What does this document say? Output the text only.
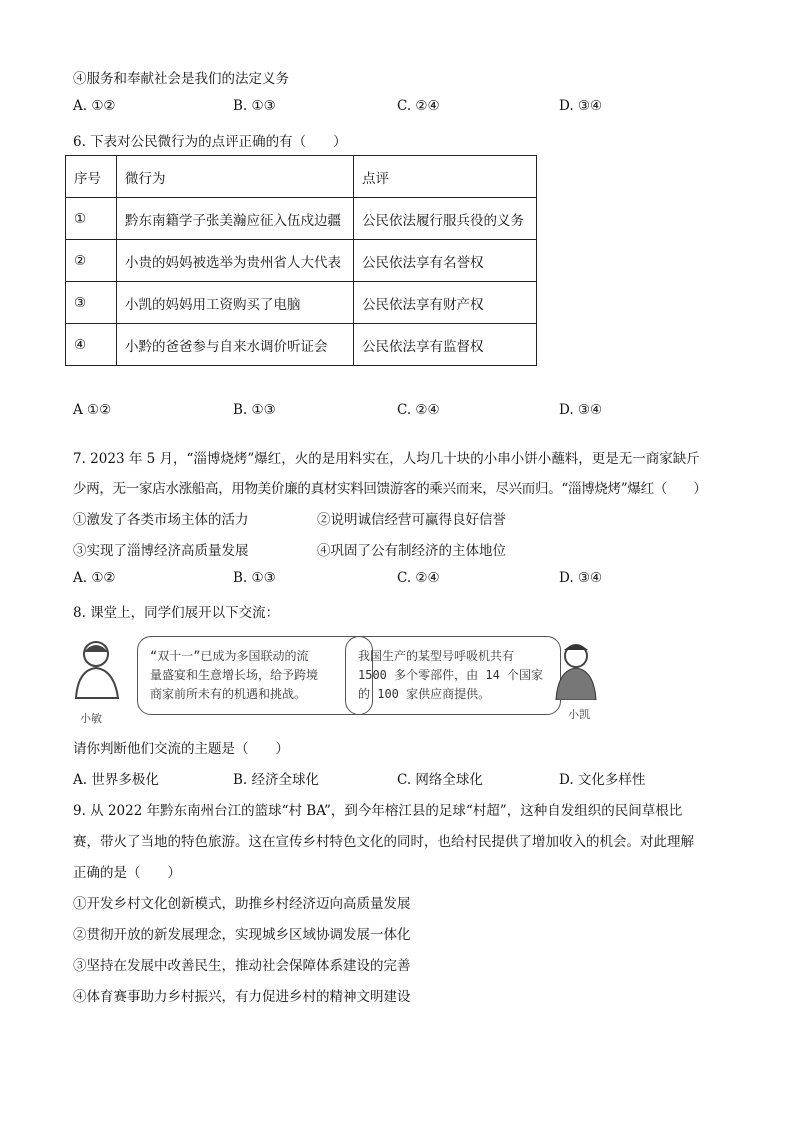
④服务和奉献社会是我们的法定义务
A. ①②	B. ①③	C. ②④	D. ③④
6. 下表对公民微行为的点评正确的有（　　）
序号	微行为	点评
①	黔东南籍学子张美瀚应征入伍戍边疆	公民依法履行服兵役的义务
②	小贵的妈妈被选举为贵州省人大代表	公民依法享有名誉权
③	小凯的妈妈用工资购买了电脑	公民依法享有财产权
④	小黔的爸爸参与自来水调价听证会	公民依法享有监督权
A ①②	B. ①③	C. ②④	D. ③④
7. 2023 年 5 月，“淄博烧烤”爆红，火的是用料实在，人均几十块的小串小饼小蘸料，更是无一商家缺斤
少两，无一家店水涨船高，用物美价廉的真材实料回馈游客的乘兴而来，尽兴而归。“淄博烧烤”爆红（　　）
①激发了各类市场主体的活力	②说明诚信经营可赢得良好信誉
③实现了淄博经济高质量发展	④巩固了公有制经济的主体地位
A. ①②	B. ①③	C. ②④	D. ③④
8. 课堂上，同学们展开以下交流：
小敏
“双十一”已成为多国联动的流
量盛宴和生意增长场，给予跨境
商家前所未有的机遇和挑战。
我国生产的某型号呼吸机共有
1500 多个零部件，由 14 个国家
的 100 家供应商提供。
小凯
请你判断他们交流的主题是（　　）
A. 世界多极化	B. 经济全球化	C. 网络全球化	D. 文化多样性
9. 从 2022 年黔东南州台江的篮球“村 BA”，到今年榕江县的足球“村超”，这种自发组织的民间草根比
赛，带火了当地的特色旅游。这在宣传乡村特色文化的同时，也给村民提供了增加收入的机会。对此理解
正确的是（　　）
①开发乡村文化创新模式，助推乡村经济迈向高质量发展
②贯彻开放的新发展理念，实现城乡区域协调发展一体化
③坚持在发展中改善民生，推动社会保障体系建设的完善
④体育赛事助力乡村振兴，有力促进乡村的精神文明建设
